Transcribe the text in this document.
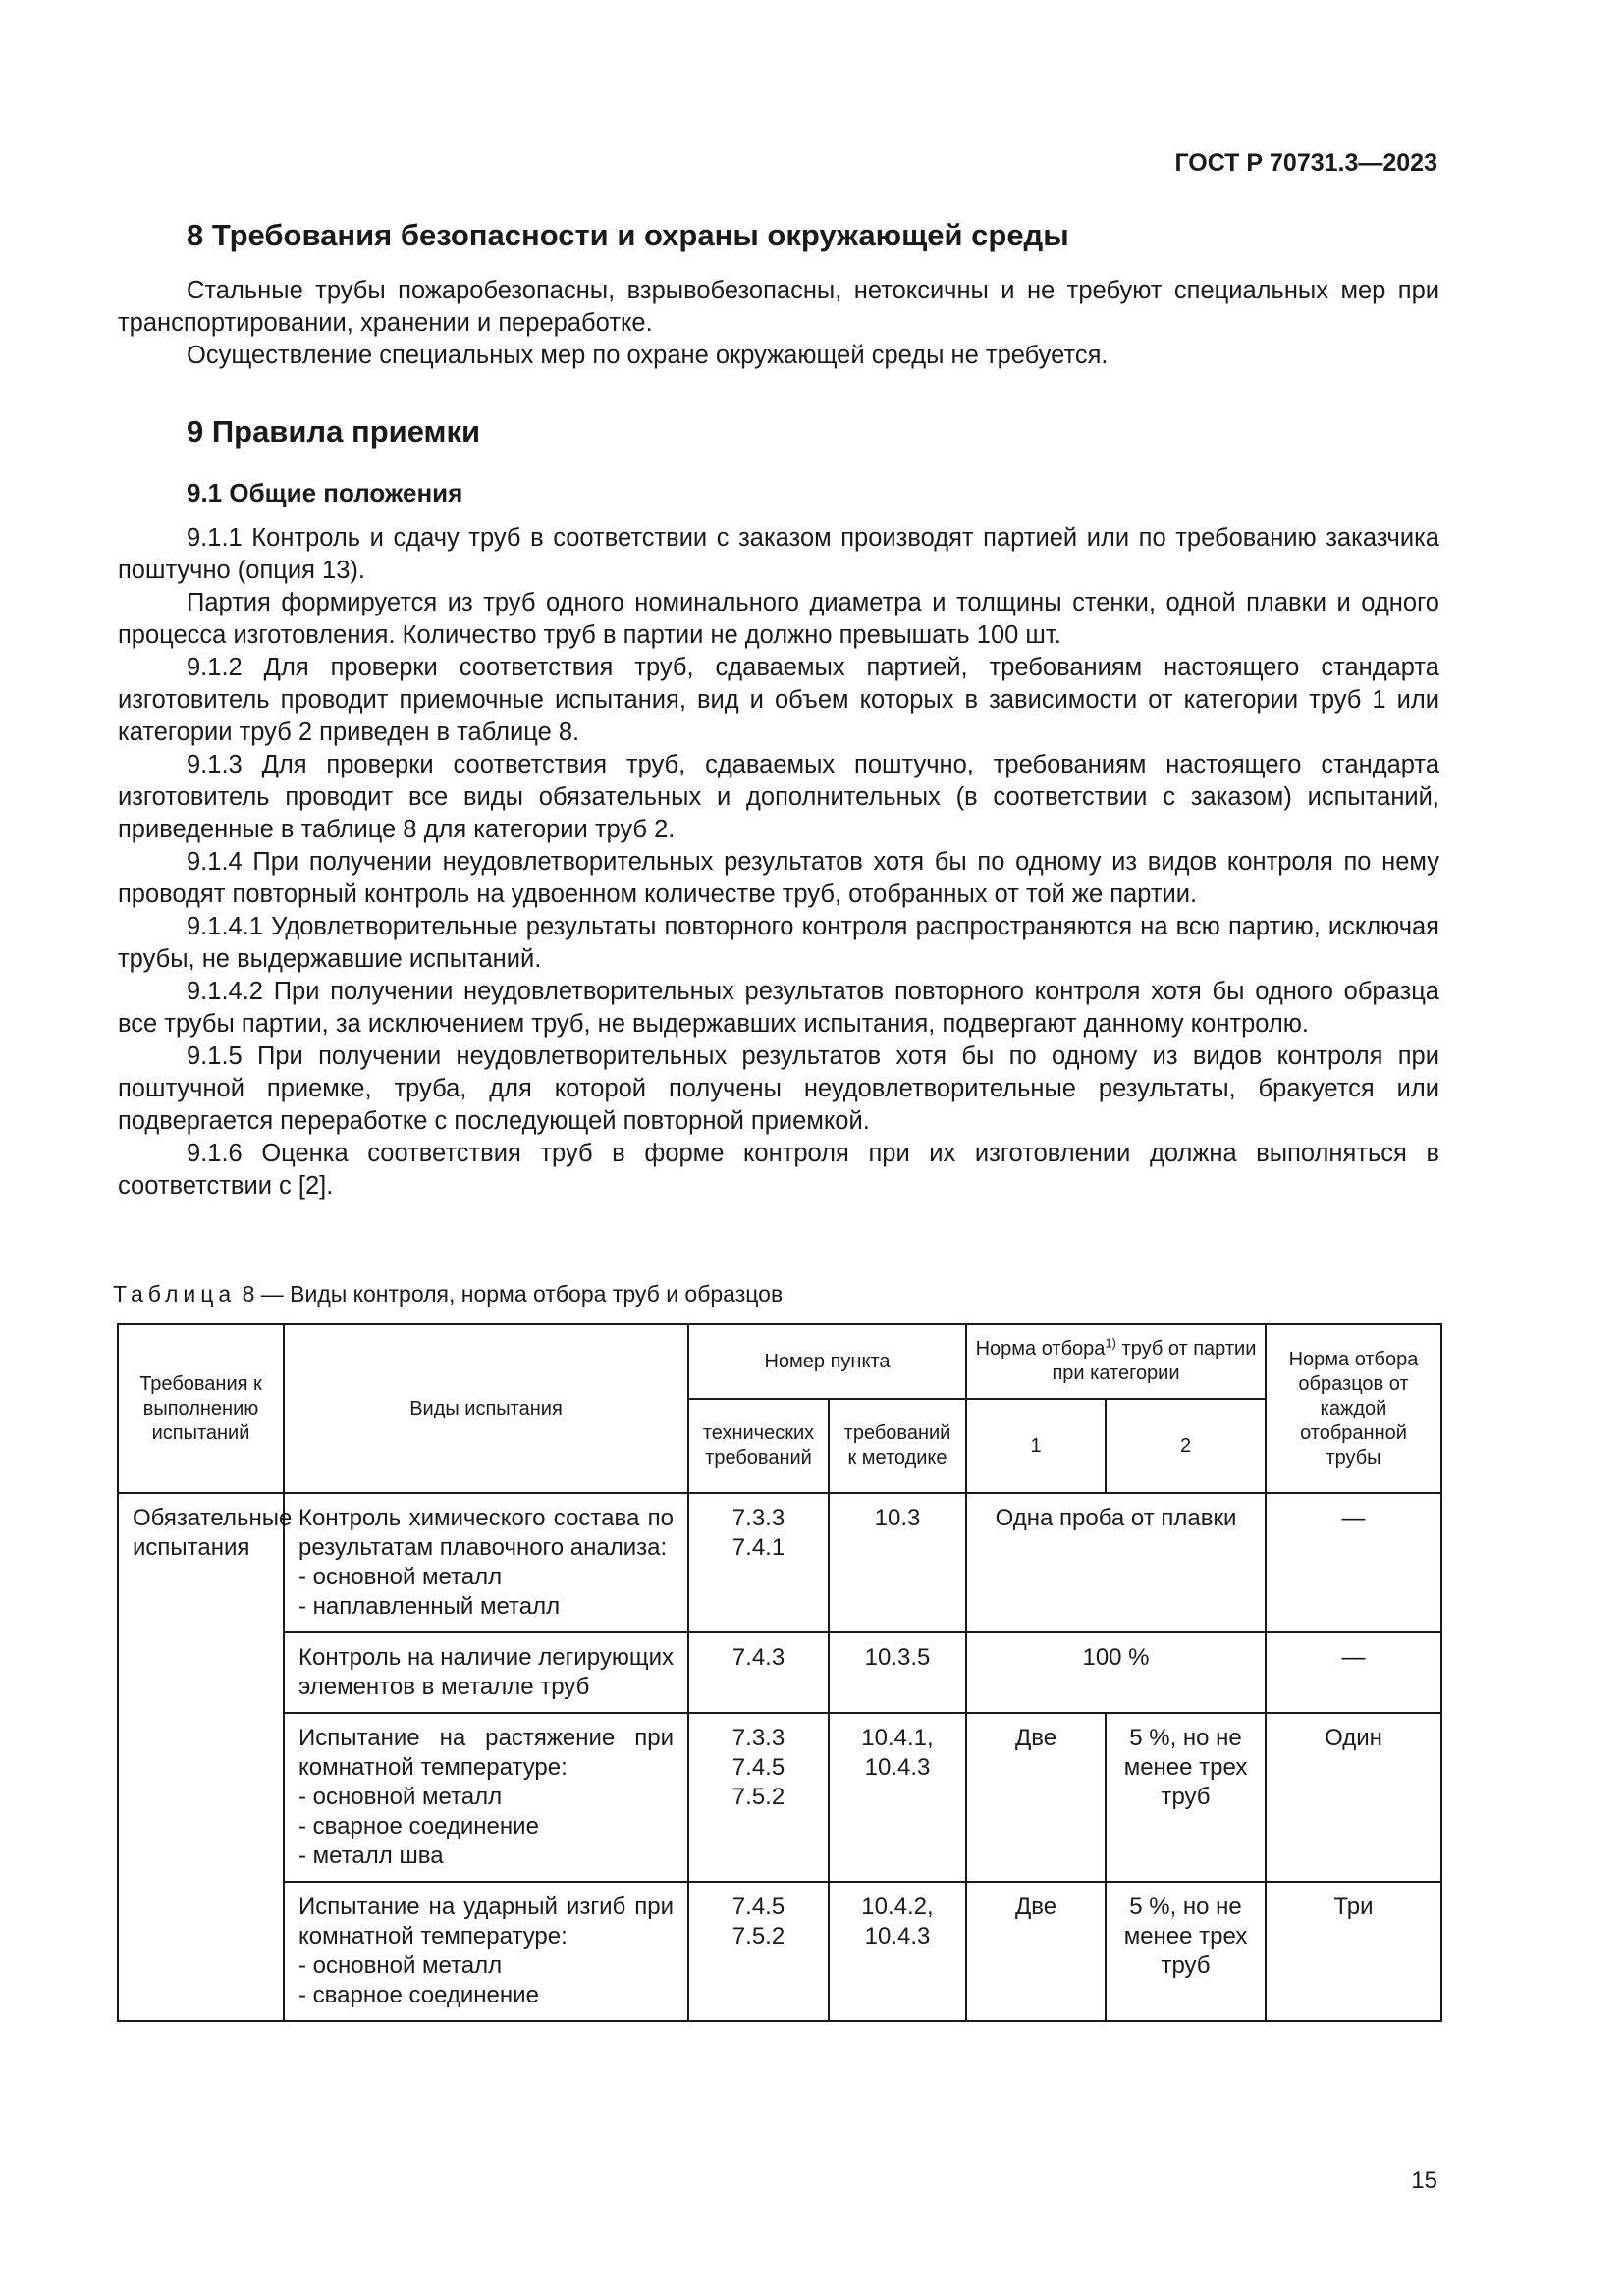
ГОСТ Р 70731.3—2023
8 Требования безопасности и охраны окружающей среды

Стальные трубы пожаробезопасны, взрывобезопасны, нетоксичны и не требуют специальных мер при транспортировании, хранении и переработке.

Осуществление специальных мер по охране окружающей среды не требуется.

9 Правила приемки
9.1 Общие положения

9.1.1 Контроль и сдачу труб в соответствии с заказом производят партией или по требованию заказчика поштучно (опция 13).

Партия формируется из труб одного номинального диаметра и толщины стенки, одной плавки и одного процесса изготовления. Количество труб в партии не должно превышать 100 шт.

9.1.2 Для проверки соответствия труб, сдаваемых партией, требованиям настоящего стандарта изготовитель проводит приемочные испытания, вид и объем которых в зависимости от категории труб 1 или категории труб 2 приведен в таблице 8.

9.1.3 Для проверки соответствия труб, сдаваемых поштучно, требованиям настоящего стандарта изготовитель проводит все виды обязательных и дополнительных (в соответствии с заказом) испытаний, приведенные в таблице 8 для категории труб 2.

9.1.4 При получении неудовлетворительных результатов хотя бы по одному из видов контроля по нему проводят повторный контроль на удвоенном количестве труб, отобранных от той же партии.

9.1.4.1 Удовлетворительные результаты повторного контроля распространяются на всю партию, исключая трубы, не выдержавшие испытаний.

9.1.4.2 При получении неудовлетворительных результатов повторного контроля хотя бы одного образца все трубы партии, за исключением труб, не выдержавших испытания, подвергают данному контролю.

9.1.5 При получении неудовлетворительных результатов хотя бы по одному из видов контроля при поштучной приемке, труба, для которой получены неудовлетворительные результаты, бракуется или подвергается переработке с последующей повторной приемкой.

9.1.6 Оценка соответствия труб в форме контроля при их изготовлении должна выполняться в соответствии с [2].

Таблица 8 — Виды контроля, норма отбора труб и образцов
Требования к выполнению испытаний	Виды испытания	Номер пункта		Норма отбора$^{1)}$ труб от партии при категории		Норма отбора образцов от каждой отобранной трубы
		технических требований	требований к методике	1	2	
Обязательные испытания	Контроль химического состава по результатам плавочного анализа:
- основной металл
- наплавленный металл	7.3.3
7.4.1	10.3	Одна проба от плавки		—
	Контроль на наличие легирующих элементов в металле труб	7.4.3	10.3.5	100 %		—

	Испытание на растяжение при комнатной температуре:
- основной металл
- сварное соединение
- металл шва	7.3.3
7.4.5
7.5.2	10.4.1,
10.4.3	Две	5 %, но не менее трех труб	Один

	Испытание на ударный изгиб при комнатной температуре:
- основной металл
- сварное соединение	7.4.5
7.5.2	10.4.2,
10.4.3	Две	5 %, но не менее трех труб	Три
15
